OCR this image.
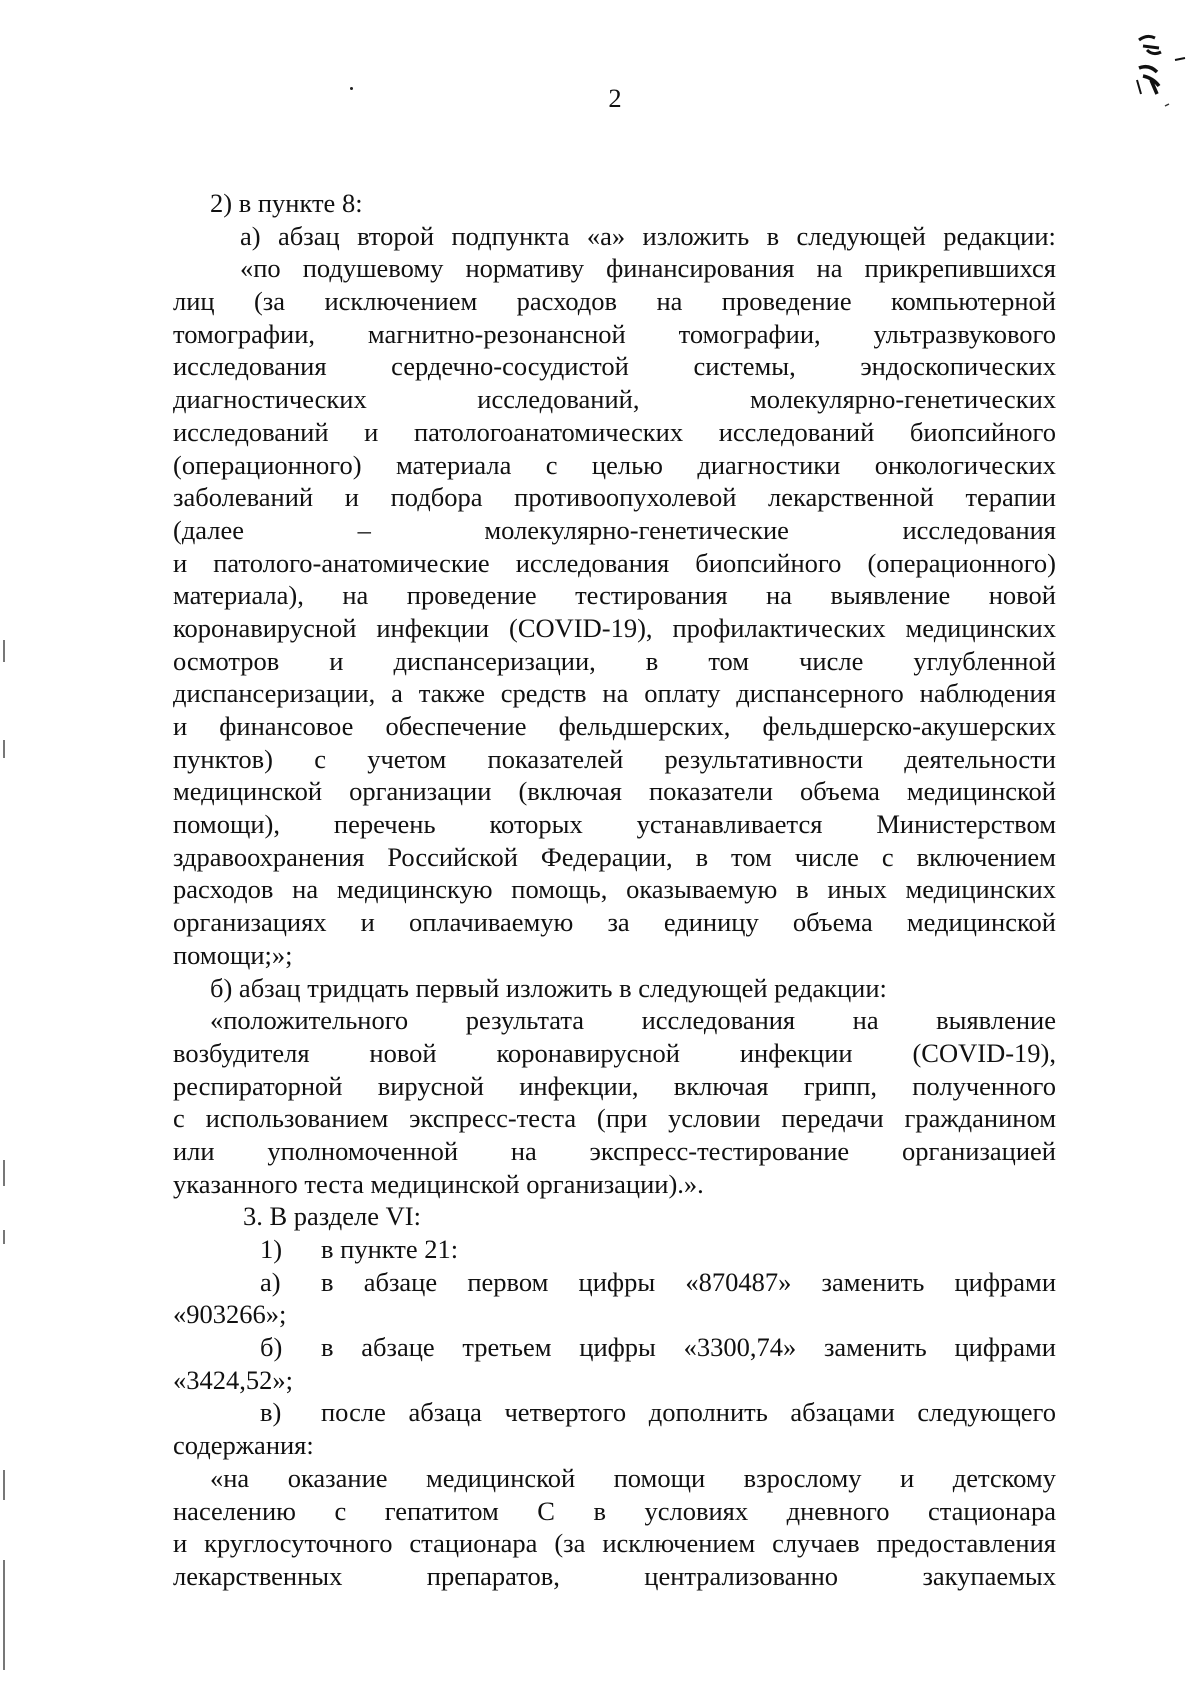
2
2) в пункте 8:
а) абзац второй подпункта «а» изложить в следующей редакции:
«по подушевому нормативу финансирования на прикрепившихся
лиц (за исключением расходов на проведение компьютерной
томографии, магнитно-резонансной томографии, ультразвукового
исследования сердечно-сосудистой системы, эндоскопических
диагностических	исследований,	молекулярно-генетических
исследований и патологоанатомических исследований биопсийного
(операционного) материала с целью диагностики онкологических
заболеваний и подбора противоопухолевой лекарственной терапии
(далее	–	молекулярно-генетические	исследования
и патолого-анатомические исследования биопсийного (операционного)
материала), на проведение тестирования на выявление новой
коронавирусной инфекции (COVID-19), профилактических медицинских
осмотров и диспансеризации, в том числе углубленной
диспансеризации, а также средств на оплату диспансерного наблюдения
и финансовое обеспечение фельдшерских, фельдшерско-акушерских
пунктов) с учетом показателей результативности деятельности
медицинской организации (включая показатели объема медицинской
помощи), перечень которых устанавливается Министерством
здравоохранения Российской Федерации, в том числе с включением
расходов на медицинскую помощь, оказываемую в иных медицинских
организациях и оплачиваемую за единицу объема медицинской
помощи;»;
б) абзац тридцать первый изложить в следующей редакции:
«положительного результата исследования на выявление
возбудителя новой коронавирусной инфекции (COVID-19),
респираторной вирусной инфекции, включая грипп, полученного
с использованием экспресс-теста (при условии передачи гражданином
или уполномоченной на экспресс-тестирование организацией
указанного теста медицинской организации).».
3. В разделе VI:
1)	в пункте 21:
а)	в абзаце первом цифры «870487» заменить цифрами
«903266»;
б)	в абзаце третьем цифры «3300,74» заменить цифрами
«3424,52»;
в)	после абзаца четвертого дополнить абзацами следующего
содержания:
«на оказание медицинской помощи взрослому и детскому
населению с гепатитом С в условиях дневного стационара
и круглосуточного стационара (за исключением случаев предоставления
лекарственных	препаратов,	централизованно	закупаемых
